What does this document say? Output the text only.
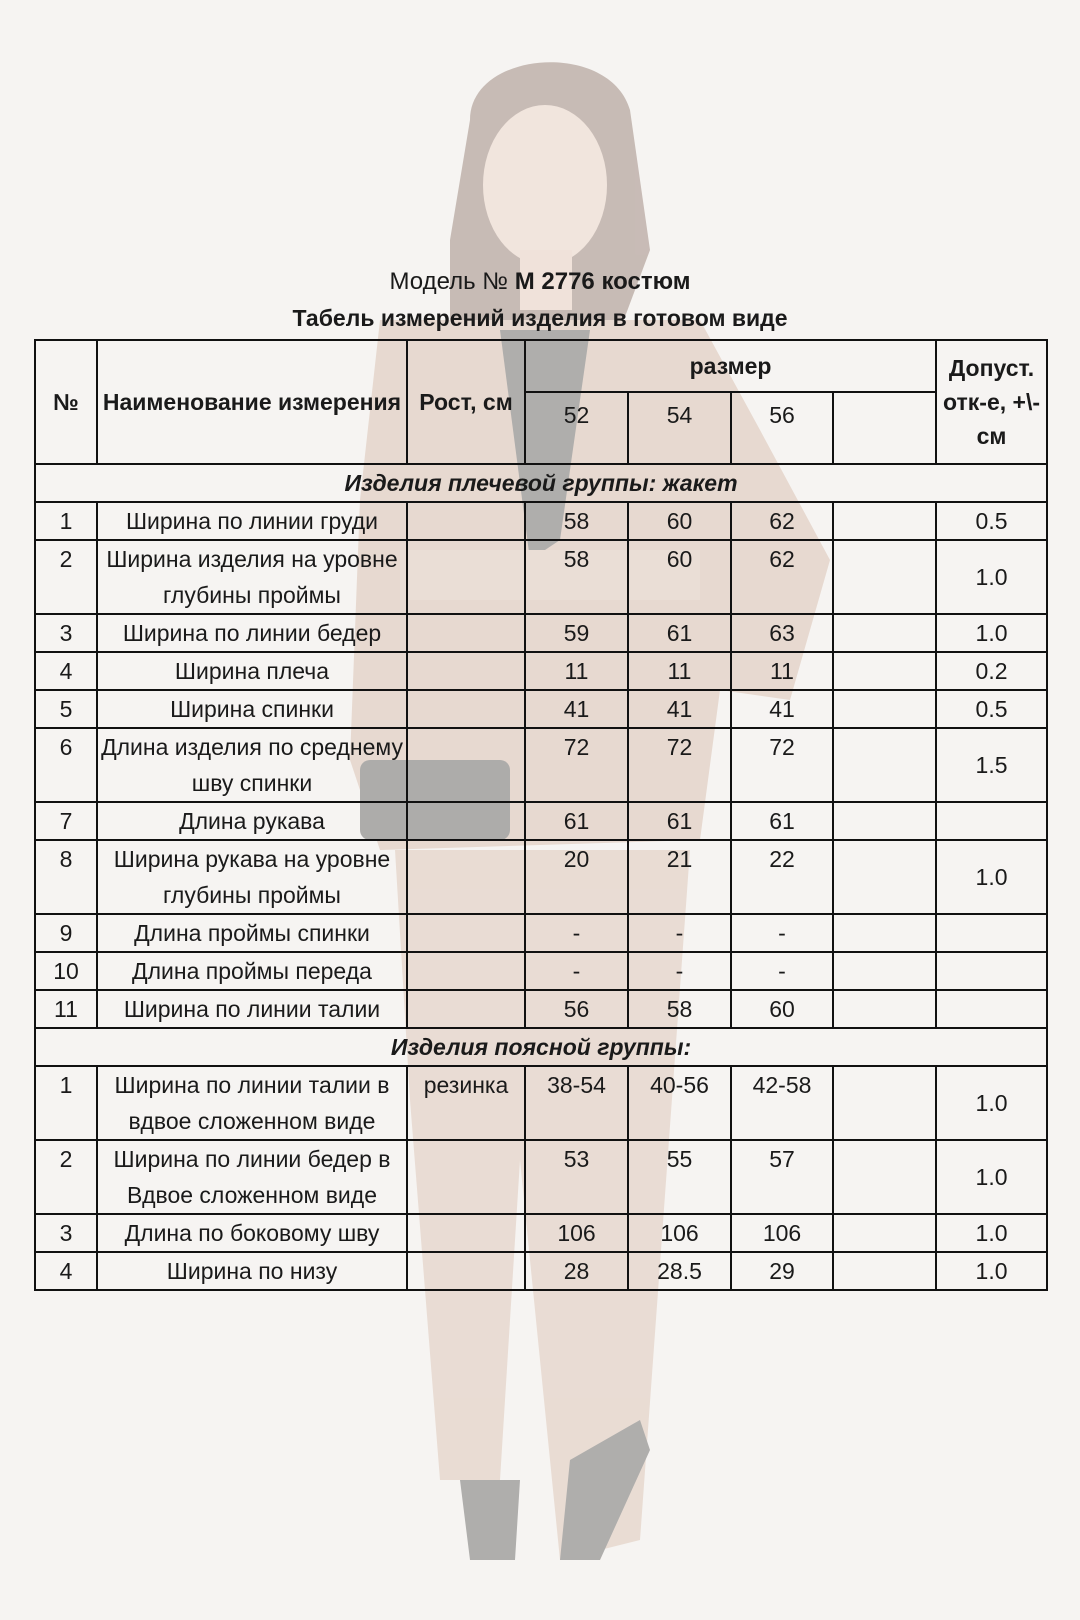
Модель № М 2776 костюм
Табель измерений изделия в готовом виде
№	Наименование измерения	Рост, см	размер				Допуст. отк-е, +\-см
			52	54	56		
Изделия плечевой группы: жакет							
1	Ширина по линии груди		58	60	62		0.5
2	Ширина изделия на уровне глубины проймы		58	60	62		1.0
3	Ширина по линии бедер		59	61	63		1.0
4	Ширина плеча		11	11	11		0.2
5	Ширина спинки		41	41	41		0.5
6	Длина изделия по среднему шву спинки		72	72	72		1.5
7	Длина рукава		61	61	61		
8	Ширина рукава на уровне глубины проймы		20	21	22		1.0
9	Длина проймы спинки		-	-	-		
10	Длина проймы переда		-	-	-		
11	Ширина по линии талии		56	58	60		
Изделия поясной группы:							
1	Ширина по линии талии в вдвое сложенном виде	резинка	38-54	40-56	42-58		1.0
2	Ширина по линии бедер в Вдвое сложенном виде		53	55	57		1.0
3	Длина по боковому шву		106	106	106		1.0
4	Ширина по низу		28	28.5	29		1.0
